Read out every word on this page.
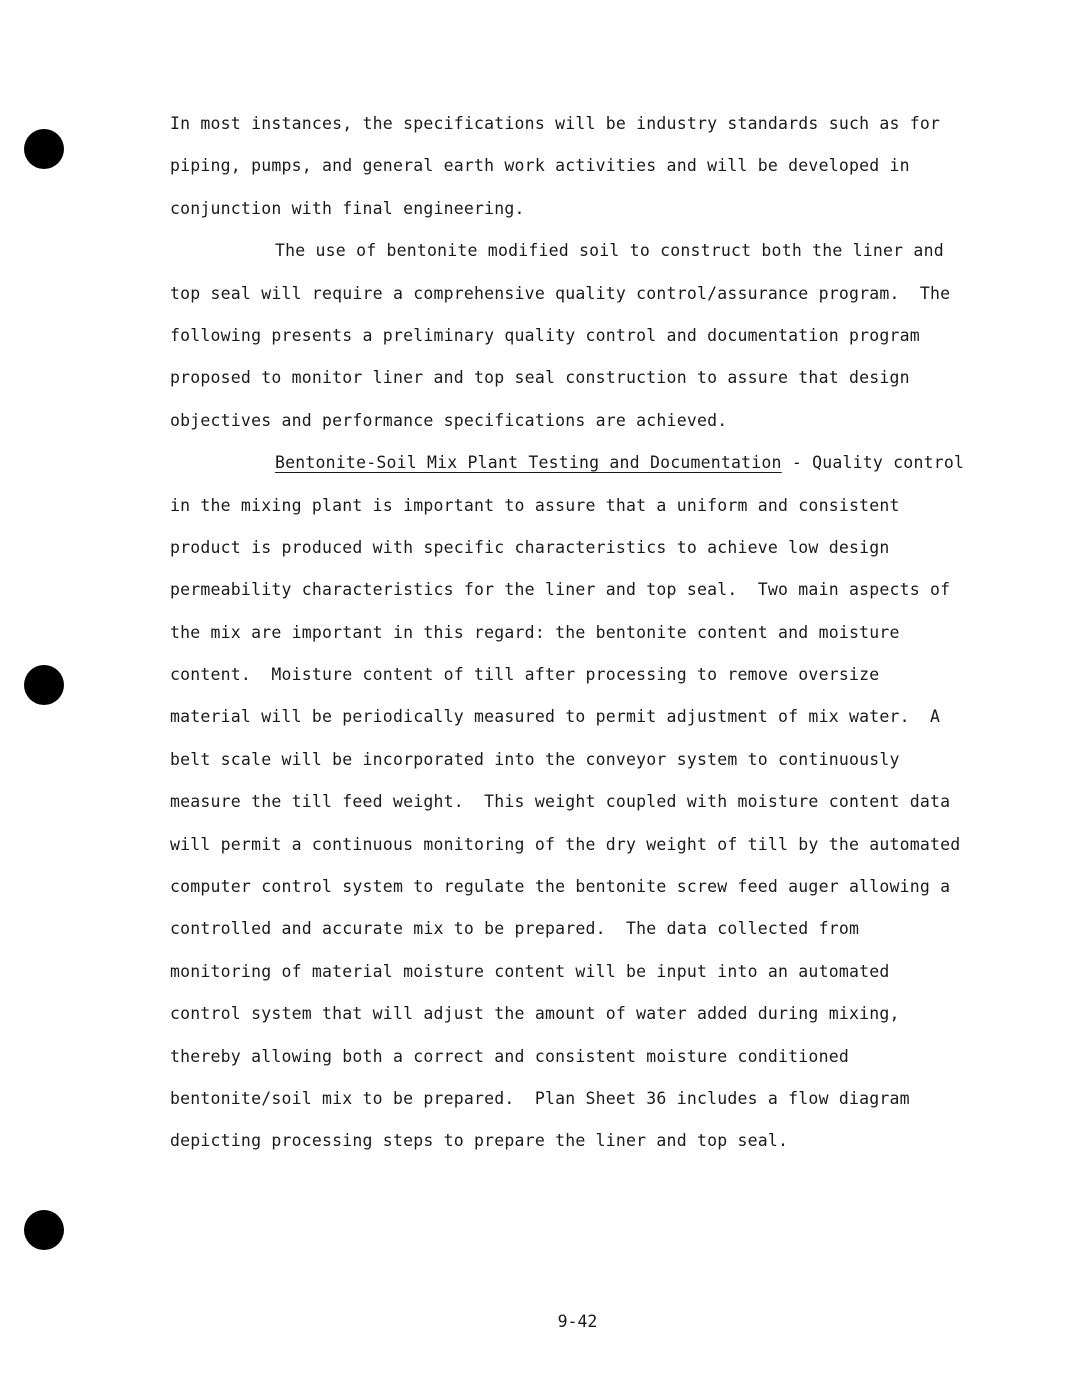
In most instances, the specifications will be industry standards such as for
piping, pumps, and general earth work activities and will be developed in
conjunction with final engineering.
The use of bentonite modified soil to construct both the liner and
top seal will require a comprehensive quality control/assurance program.  The
following presents a preliminary quality control and documentation program
proposed to monitor liner and top seal construction to assure that design
objectives and performance specifications are achieved.
Bentonite-Soil Mix Plant Testing and Documentation - Quality control
in the mixing plant is important to assure that a uniform and consistent
product is produced with specific characteristics to achieve low design
permeability characteristics for the liner and top seal.  Two main aspects of
the mix are important in this regard: the bentonite content and moisture
content.  Moisture content of till after processing to remove oversize
material will be periodically measured to permit adjustment of mix water.  A
belt scale will be incorporated into the conveyor system to continuously
measure the till feed weight.  This weight coupled with moisture content data
will permit a continuous monitoring of the dry weight of till by the automated
computer control system to regulate the bentonite screw feed auger allowing a
controlled and accurate mix to be prepared.  The data collected from
monitoring of material moisture content will be input into an automated
control system that will adjust the amount of water added during mixing,
thereby allowing both a correct and consistent moisture conditioned
bentonite/soil mix to be prepared.  Plan Sheet 36 includes a flow diagram
depicting processing steps to prepare the liner and top seal.
9-42
